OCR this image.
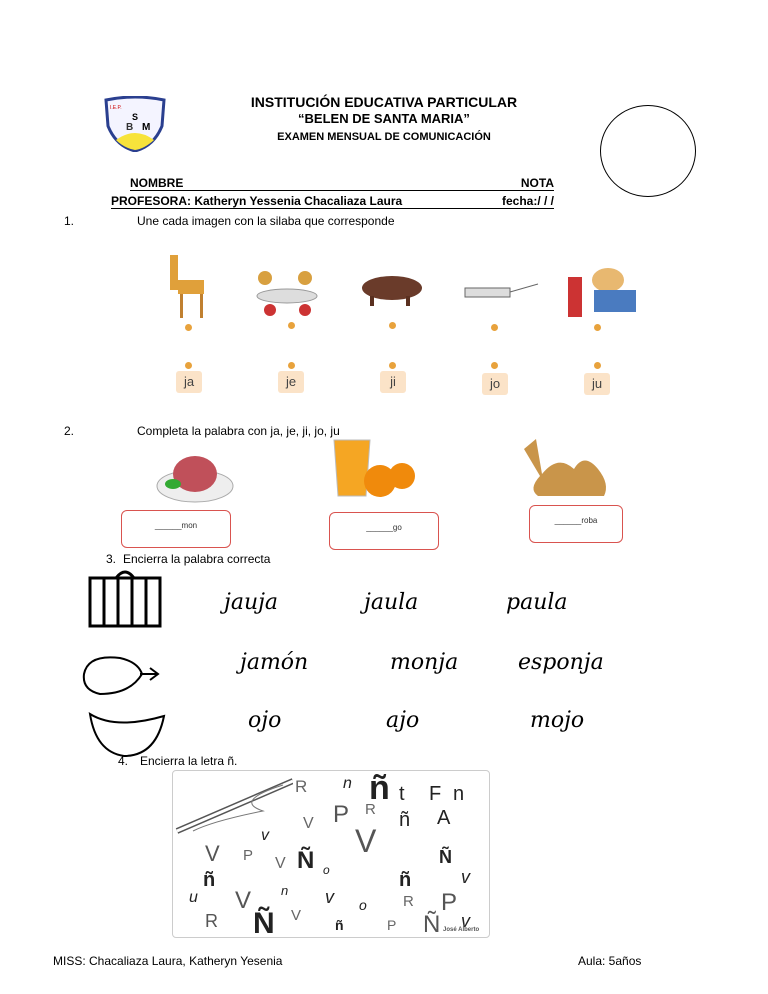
B
S
M
I.E.P.	INSTITUCIÓN EDUCATIVA PARTICULAR
“BELEN DE SANTA MARIA”
EXAMEN MENSUAL DE COMUNICACIÓN
NOMBRE	NOTA
PROFESORA: Katheryn Yessenia Chacaliaza Laura	fecha:/ / /
1.	Une cada imagen con la silaba que corresponde
ja	je	ji	jo	ju
2.	Completa la palabra con ja, je, ji, jo, ju
______mon	______go
______roba
3. Encierra la palabra correcta
jauja	jaula	paula
jamón	monja	esponja
ojo	ajo	mojo
4. Encierra la letra ñ.
R n ñ t F n
P R ñ A
V
v	V
V P V Ñ o
Ñ
ñ	ñ	v
u V n v o R P
R Ñ V
ñ	P Ñ v
José Alberto
MISS: Chacaliaza Laura, Katheryn Yesenia	Aula: 5años
